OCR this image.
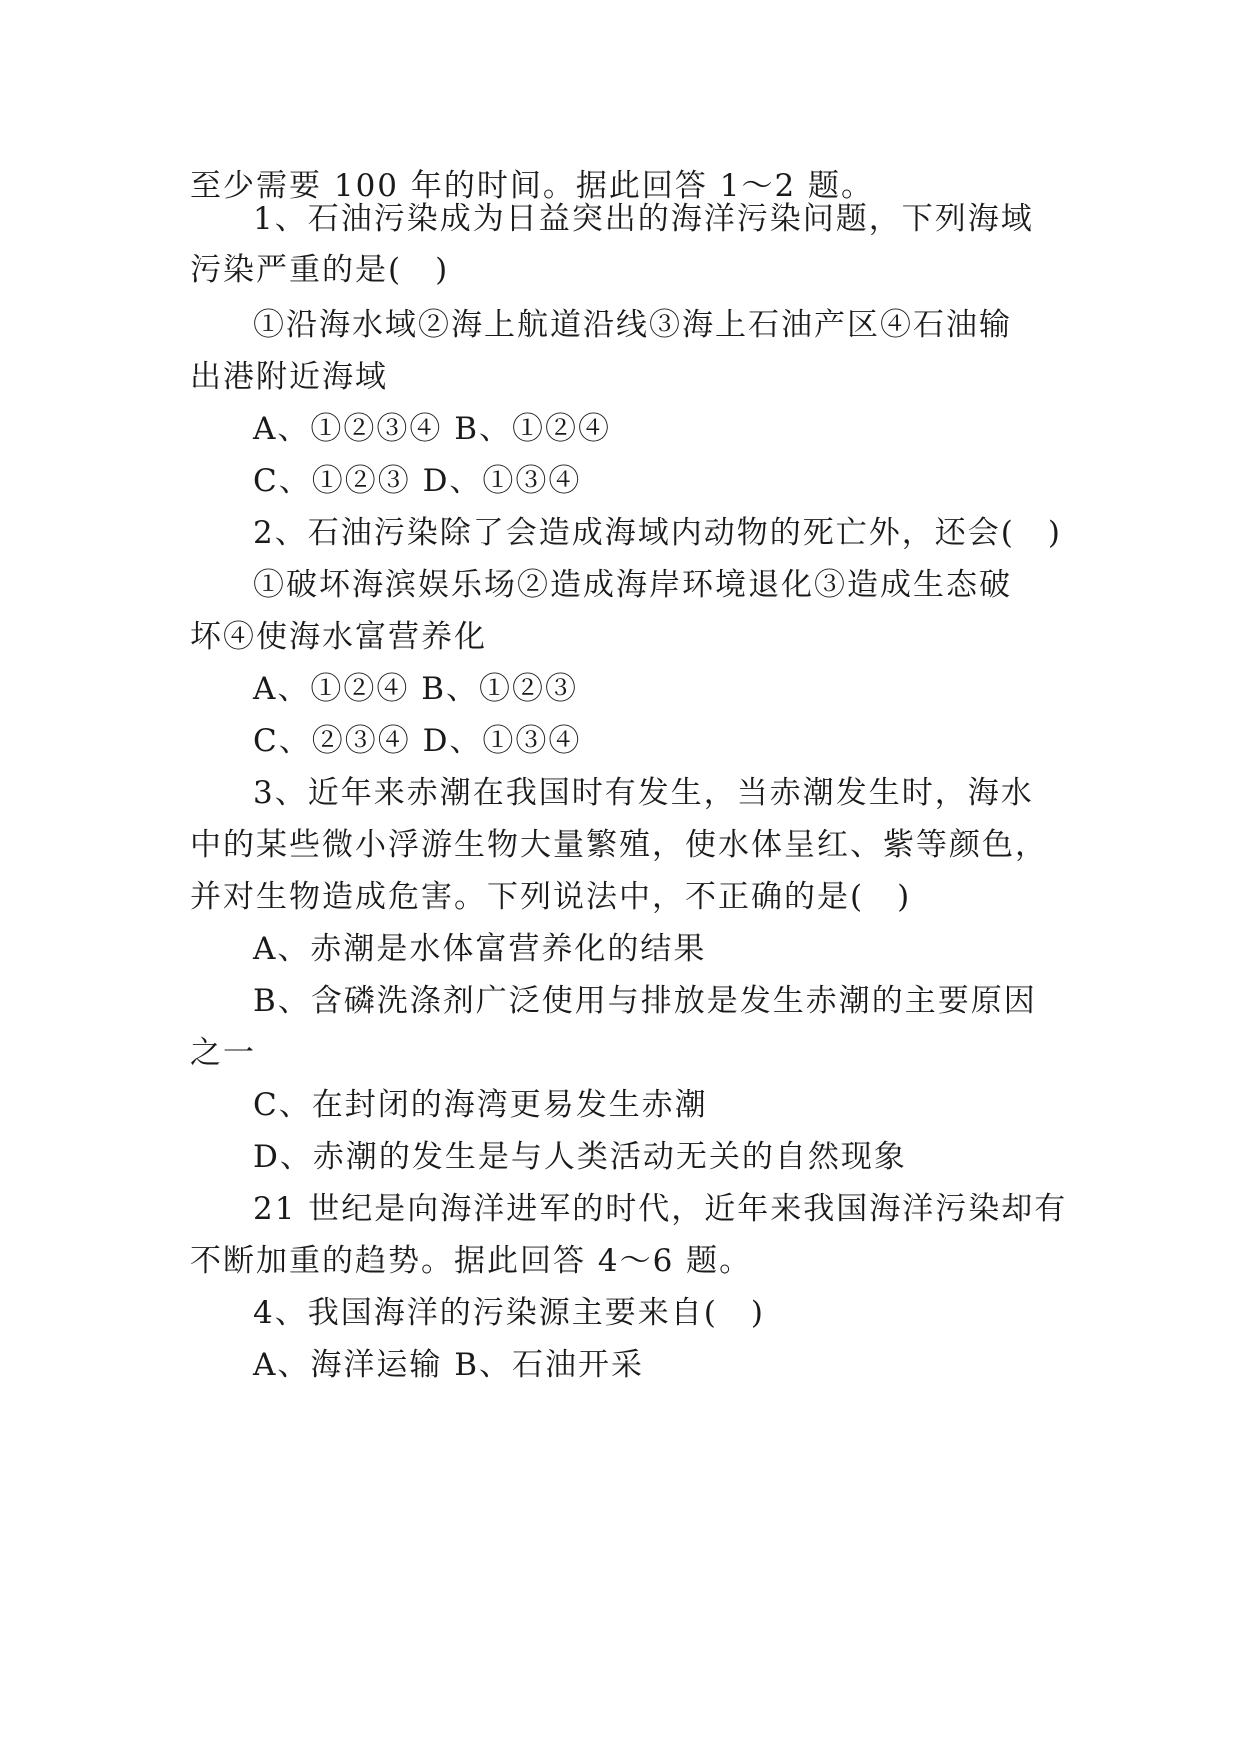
至少需要 100 年的时间。据此回答 1～2 题。
1、石油污染成为日益突出的海洋污染问题，下列海域
污染严重的是(　)
①沿海水域②海上航道沿线③海上石油产区④石油输
出港附近海域
A、①②③④ B、①②④
C、①②③ D、①③④
2、石油污染除了会造成海域内动物的死亡外，还会(　)
①破坏海滨娱乐场②造成海岸环境退化③造成生态破
坏④使海水富营养化
A、①②④ B、①②③
C、②③④ D、①③④
3、近年来赤潮在我国时有发生，当赤潮发生时，海水
中的某些微小浮游生物大量繁殖，使水体呈红、紫等颜色，
并对生物造成危害。下列说法中，不正确的是(　)
A、赤潮是水体富营养化的结果
B、含磷洗涤剂广泛使用与排放是发生赤潮的主要原因
之一
C、在封闭的海湾更易发生赤潮
D、赤潮的发生是与人类活动无关的自然现象
21 世纪是向海洋进军的时代，近年来我国海洋污染却有
不断加重的趋势。据此回答 4～6 题。
4、我国海洋的污染源主要来自(　)
A、海洋运输 B、石油开采
